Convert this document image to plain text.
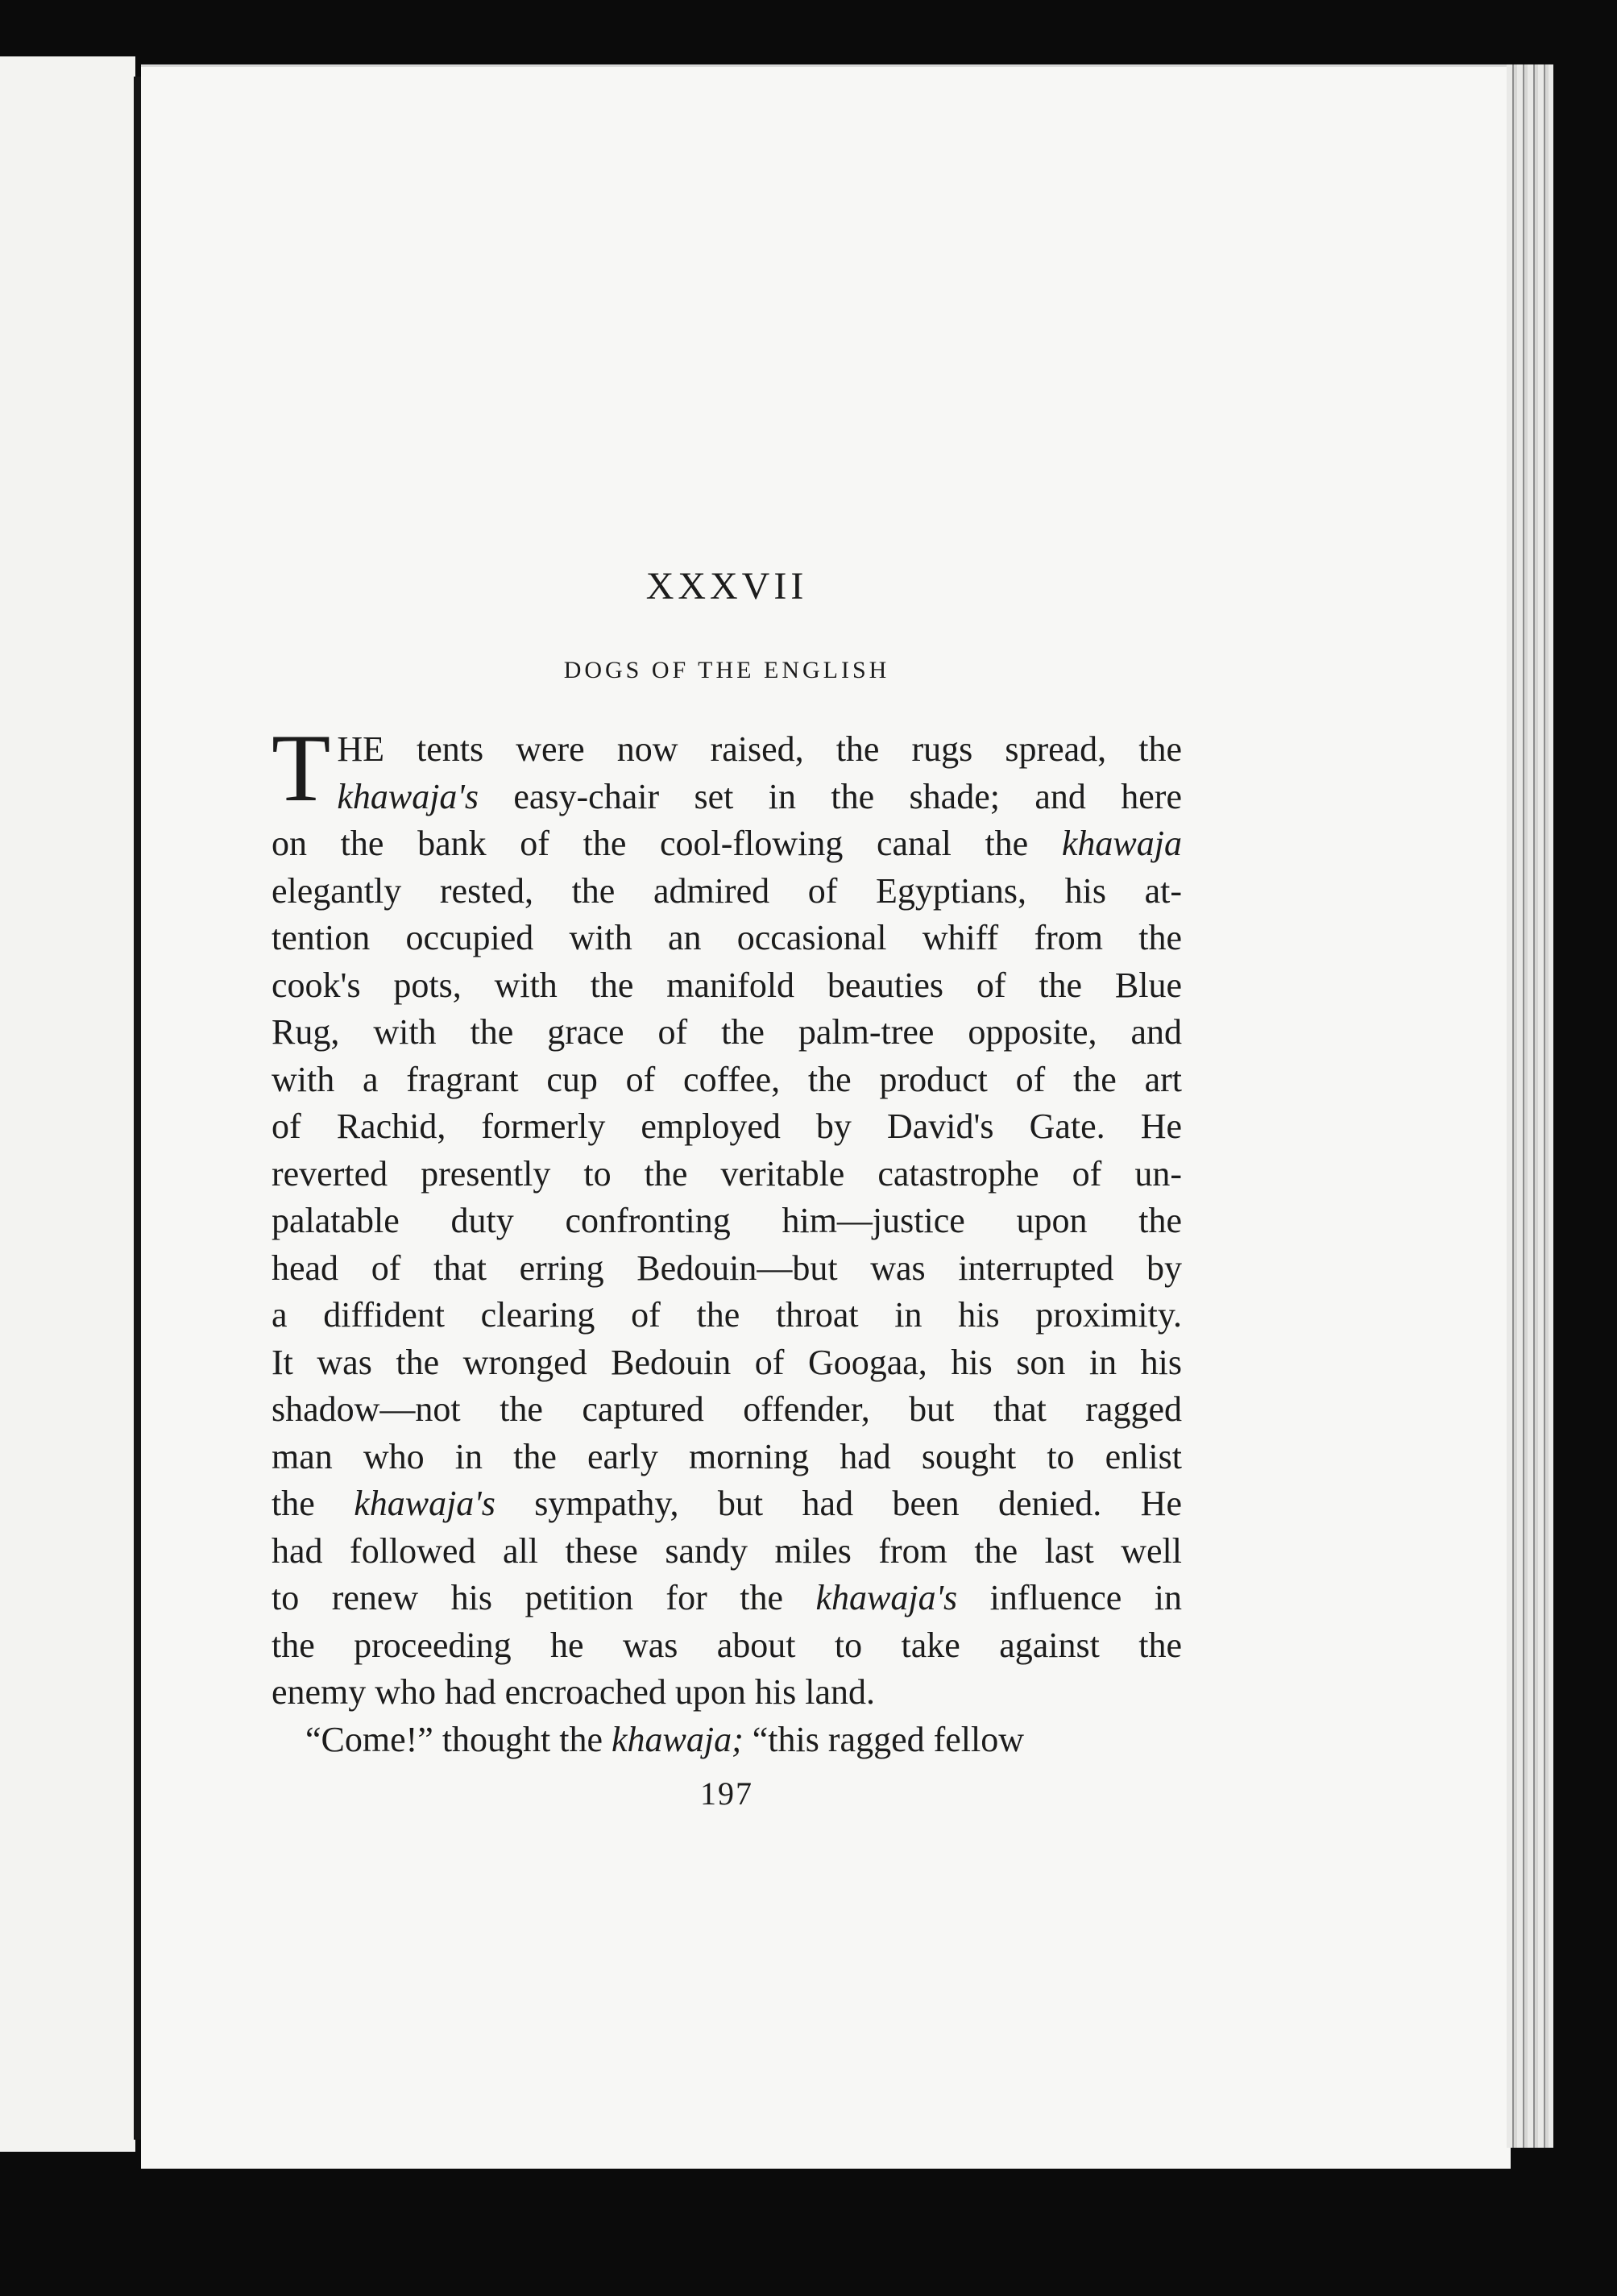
XXXVII
DOGS OF THE ENGLISH
T HE tents were now raised, the rugs spread, the
khawaja's easy-chair set in the shade; and here
on the bank of the cool-flowing canal the khawaja
elegantly rested, the admired of Egyptians, his at-
tention occupied with an occasional whiff from the
cook's pots, with the manifold beauties of the Blue
Rug, with the grace of the palm-tree opposite, and
with a fragrant cup of coffee, the product of the art
of Rachid, formerly employed by David's Gate. He
reverted presently to the veritable catastrophe of un-
palatable duty confronting him—justice upon the
head of that erring Bedouin—but was interrupted by
a diffident clearing of the throat in his proximity.
It was the wronged Bedouin of Googaa, his son in his
shadow—not the captured offender, but that ragged
man who in the early morning had sought to enlist
the khawaja's sympathy, but had been denied. He
had followed all these sandy miles from the last well
to renew his petition for the khawaja's influence in
the proceeding he was about to take against the
enemy who had encroached upon his land.
“Come!” thought the khawaja; “this ragged fellow
197
